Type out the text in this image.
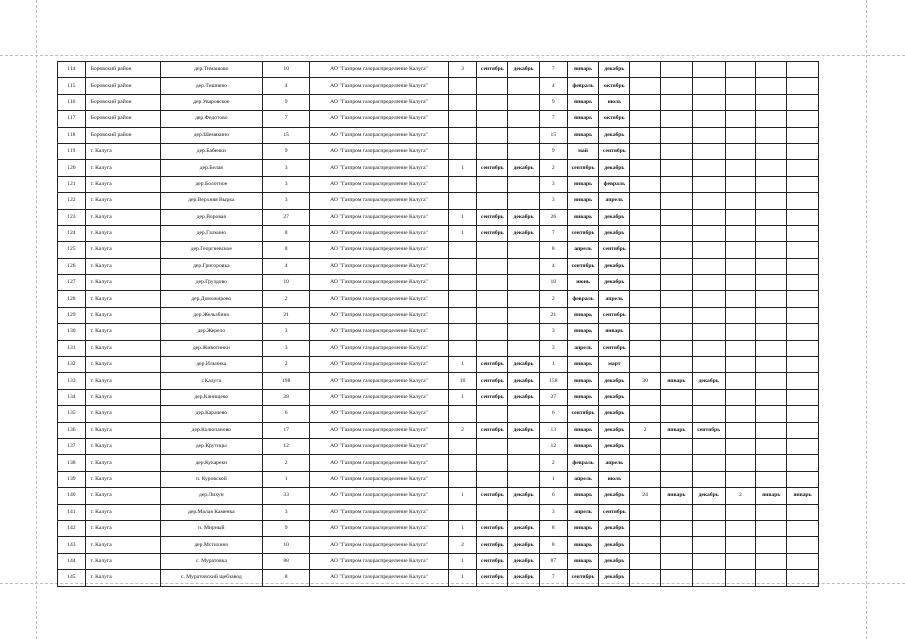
114	Боровский район	дер.Тимашово	10	АО "Газпром газораспределение Калуга"	3	сентябрь	декабрь	7	январь	декабрь						
115	Боровский район	дер.Тишнево	4	АО "Газпром газораспределение Калуга"				4	февраль	октябрь						
116	Боровский район	дер.Уваровское	9	АО "Газпром газораспределение Калуга"				9	январь	июль						
117	Боровский район	дер.Федотово	7	АО "Газпром газораспределение Калуга"				7	январь	октябрь						
118	Боровский район	дер.Шемякино	15	АО "Газпром газораспределение Калуга"				15	январь	декабрь						
119	г. Калуга	дер.Бабенки	9	АО "Газпром газораспределение Калуга"				9	май	сентябрь						
120	г. Калуга	дер.Белая	3	АО "Газпром газораспределение Калуга"	1	сентябрь	декабрь	2	сентябрь	декабрь						
121	г. Калуга	дер.Болотное	3	АО "Газпром газораспределение Калуга"				3	январь	февраль						
122	г. Калуга	дер.Верхняя Вырка	3	АО "Газпром газораспределение Калуга"				3	январь	апрель						
123	г. Калуга	дер.Воровая	27	АО "Газпром газораспределение Калуга"	1	сентябрь	декабрь	26	январь	декабрь						
124	г. Калуга	дер.Галкино	8	АО "Газпром газораспределение Калуга"	1	сентябрь	декабрь	7	сентябрь	декабрь						
125	г. Калуга	дер.Георгиевское	8	АО "Газпром газораспределение Калуга"				8	апрель	сентябрь						
126	г. Калуга	дер.Григоровка	4	АО "Газпром газораспределение Калуга"				4	сентябрь	декабрь						
127	г. Калуга	дер.Груздово	10	АО "Газпром газораспределение Калуга"				10	июнь	декабрь						
128	г. Калуга	дер.Доможирово	2	АО "Газпром газораспределение Калуга"				2	февраль	апрель						
129	г. Калуга	дер.Жельзбино	21	АО "Газпром газораспределение Калуга"				21	январь	сентябрь						
130	г. Калуга	дер.Жерело	3	АО "Газпром газораспределение Калуга"				3	январь	январь						
131	г. Калуга	дер.Животинки	3	АО "Газпром газораспределение Калуга"				3	апрель	сентябрь						
132	г. Калуга	дер.Ильинка	2	АО "Газпром газораспределение Калуга"	1	сентябрь	декабрь	1	январь	март						
133	г. Калуга	г.Калуга	198	АО "Газпром газораспределение Калуга"	10	сентябрь	декабрь	158	январь	декабрь	30	январь	декабрь			
134	г. Калуга	дер.Канищево	28	АО "Газпром газораспределение Калуга"	1	сентябрь	декабрь	27	январь	декабрь						
135	г. Калуга	дер.Карачево	6	АО "Газпром газораспределение Калуга"				6	сентябрь	декабрь						
136	г. Калуга	дер.Колюпаново	17	АО "Газпром газораспределение Калуга"	2	сентябрь	декабрь	13	январь	декабрь	2	январь	сентябрь			
137	г. Калуга	дер.Крутицы	12	АО "Газпром газораспределение Калуга"				12	январь	декабрь						
138	г. Калуга	дер.Кукарекн	2	АО "Газпром газораспределение Калуга"				2	февраль	апрель						
139	г. Калуга	п. Куровской	1	АО "Газпром газораспределение Калуга"				1	апрель	июль						
140	г. Калуга	дер.Лихун	33	АО "Газпром газораспределение Калуга"	1	сентябрь	декабрь	6	январь	декабрь	24	январь	декабрь	2	январь	январь
141	г. Калуга	дер.Малая Каменка	3	АО "Газпром газораспределение Калуга"				3	апрель	сентябрь						
142	г. Калуга	п. Мирный	9	АО "Газпром газораспределение Калуга"	1	сентябрь	декабрь	8	январь	декабрь						
143	г. Калуга	дер.Мстихино	10	АО "Газпром газораспределение Калуга"	2	сентябрь	декабрь	8	январь	декабрь						
144	г. Калуга	с. Муратовка	88	АО "Газпром газораспределение Калуга"	1	сентябрь	декабрь	87	январь	декабрь						
145	г. Калуга	с. Муратовский щебзавод	8	АО "Газпром газораспределение Калуга"	1	сентябрь	декабрь	7	сентябрь	декабрь						
